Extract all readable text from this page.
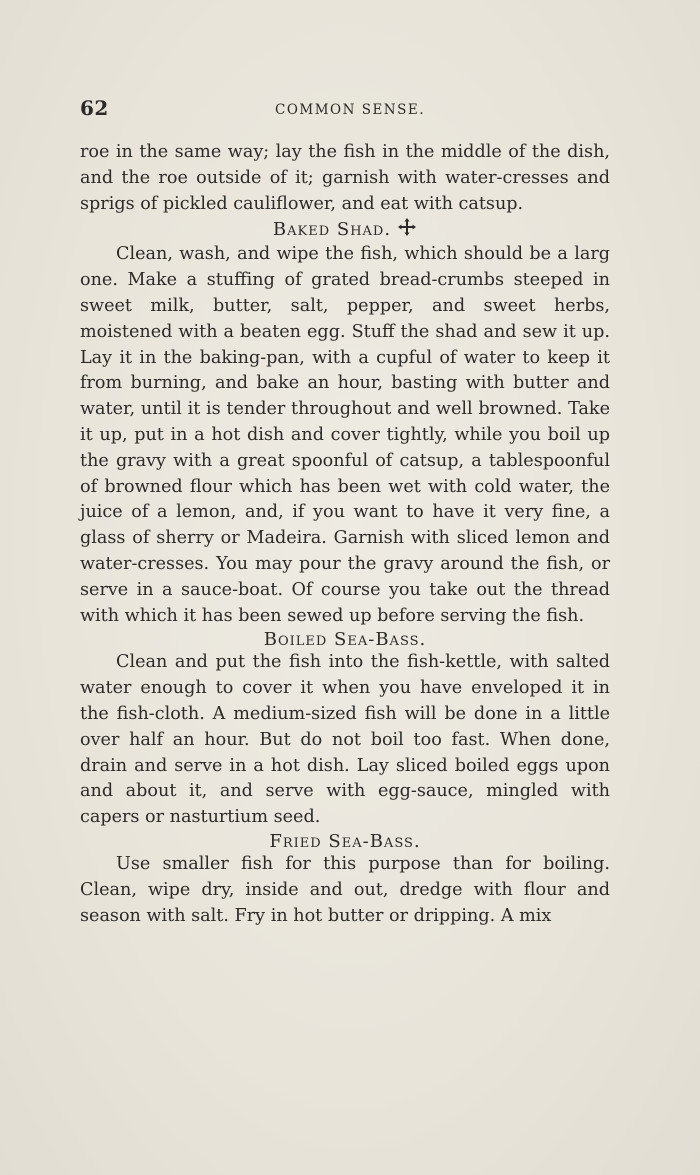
62	COMMON SENSE.

roe in the same way; lay the fish in the middle of the dish, and the roe outside of it; garnish with water-cresses and sprigs of pickled cauliflower, and eat with catsup.

Baked Shad.

Clean, wash, and wipe the fish, which should be a larg one. Make a stuffing of grated bread-crumbs steeped in sweet milk, butter, salt, pepper, and sweet herbs, moistened with a beaten egg. Stuff the shad and sew it up. Lay it in the baking-pan, with a cupful of water to keep it from burning, and bake an hour, basting with butter and water, until it is tender throughout and well browned. Take it up, put in a hot dish and cover tightly, while you boil up the gravy with a great spoonful of catsup, a tablespoonful of browned flour which has been wet with cold water, the juice of a lemon, and, if you want to have it very fine, a glass of sherry or Madeira. Garnish with sliced lemon and water-cresses. You may pour the gravy around the fish, or serve in a sauce-boat. Of course you take out the thread with which it has been sewed up before serving the fish.

Boiled Sea-Bass.

Clean and put the fish into the fish-kettle, with salted water enough to cover it when you have enveloped it in the fish-cloth. A medium-sized fish will be done in a little over half an hour. But do not boil too fast. When done, drain and serve in a hot dish. Lay sliced boiled eggs upon and about it, and serve with egg-sauce, mingled with capers or nasturtium seed.

Fried Sea-Bass.

Use smaller fish for this purpose than for boiling. Clean, wipe dry, inside and out, dredge with flour and season with salt. Fry in hot butter or dripping. A mix
